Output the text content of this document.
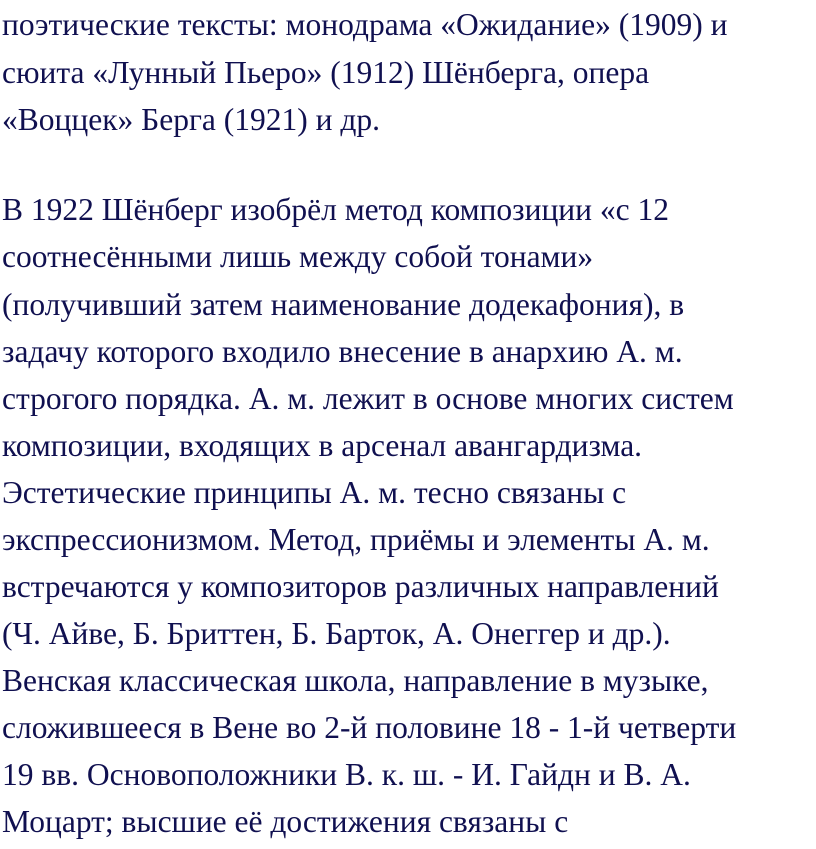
поэтические тексты: монодрама «Ожидание» (1909) и

сюита «Лунный Пьеро» (1912) Шёнберга, опера

«Воццек» Берга (1921) и др.

В 1922 Шёнберг изобрёл метод композиции «с 12

соотнесёнными лишь между собой тонами»

(получивший затем наименование додекафония), в

задачу которого входило внесение в анархию А. м.

строгого порядка. А. м. лежит в основе многих систем

композиции, входящих в арсенал авангардизма.

Эстетические принципы А. м. тесно связаны с

экспрессионизмом. Метод, приёмы и элементы А. м.

встречаются у композиторов различных направлений

(Ч. Айве, Б. Бриттен, Б. Барток, А. Онеггер и др.).

Венская классическая школа, направление в музыке,

сложившееся в Вене во 2-й половине 18 - 1-й четверти

19 вв. Основоположники В. к. ш. - И. Гайдн и В. А.

Моцарт; высшие её достижения связаны с
